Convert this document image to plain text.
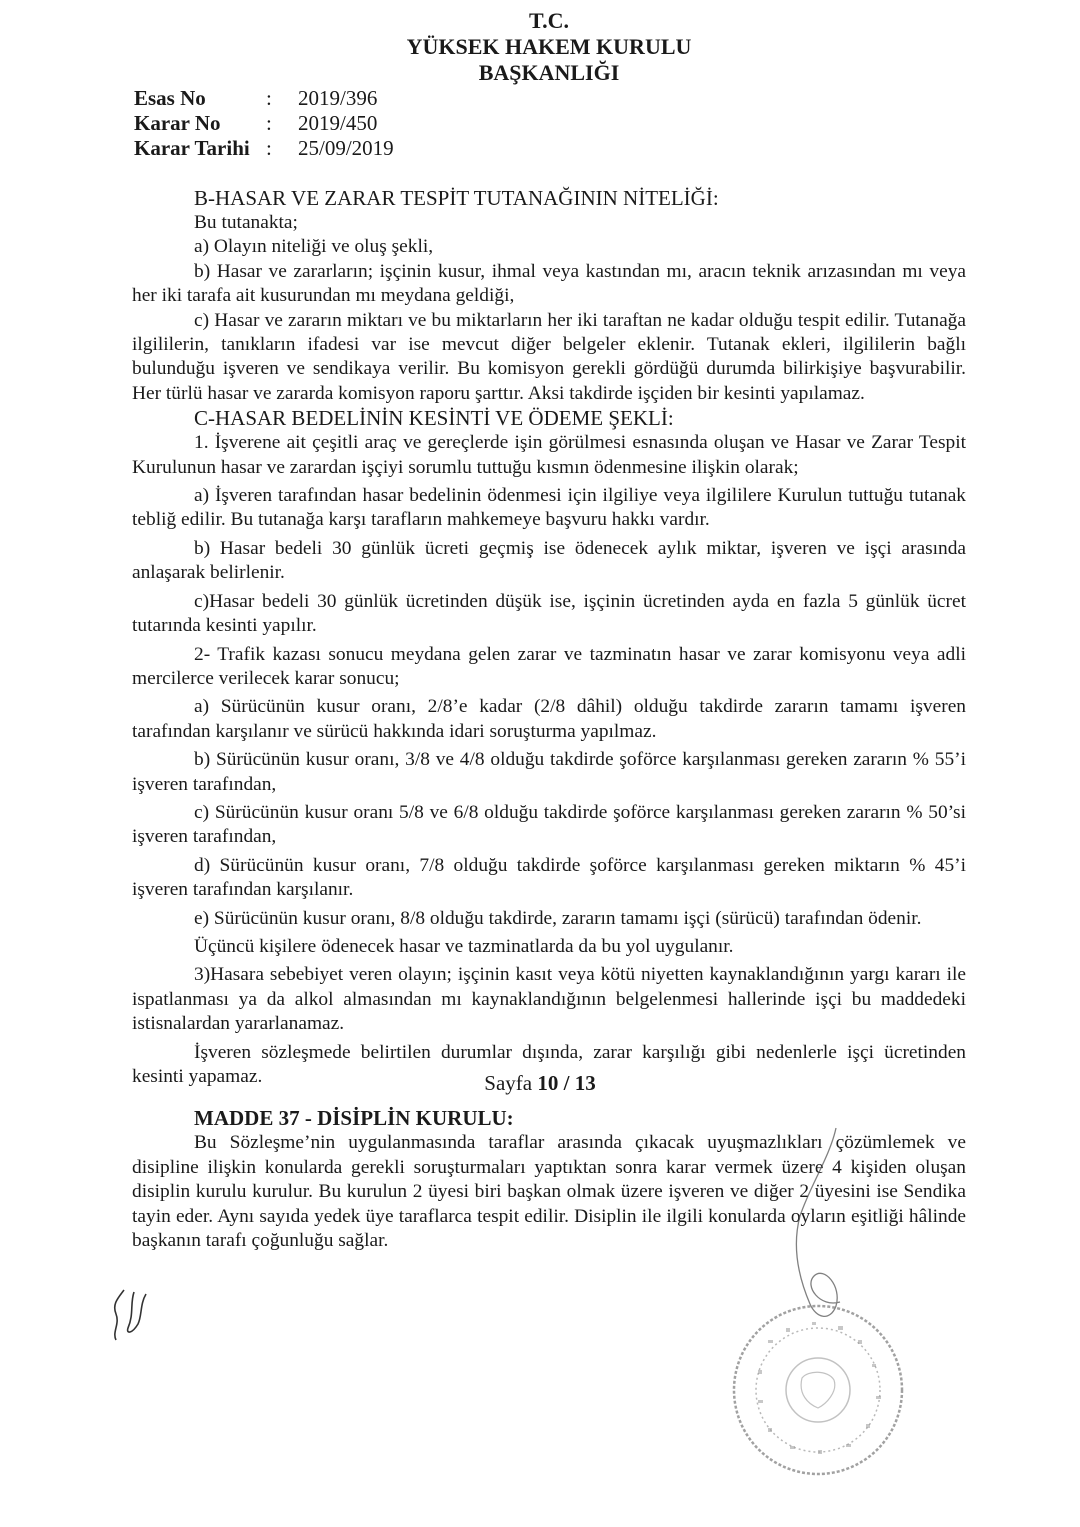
T.C.
YÜKSEK HAKEM KURULU
BAŞKANLIĞI
Esas No	:	2019/396
Karar No	:	2019/450
Karar Tarihi	:	25/09/2019

B-HASAR VE ZARAR TESPİT TUTANAĞININ NİTELİĞİ:

Bu tutanakta;

a) Olayın niteliği ve oluş şekli,

b) Hasar ve zararların; işçinin kusur, ihmal veya kastından mı, aracın teknik arızasından mı veya her iki tarafa ait kusurundan mı meydana geldiği,

c) Hasar ve zararın miktarı ve bu miktarların her iki taraftan ne kadar olduğu tespit edilir. Tutanağa ilgililerin, tanıkların ifadesi var ise mevcut diğer belgeler eklenir. Tutanak ekleri, ilgililerin bağlı bulunduğu işveren ve sendikaya verilir. Bu komisyon gerekli gördüğü durumda bilirkişiye başvurabilir. Her türlü hasar ve zararda komisyon raporu şarttır. Aksi takdirde işçiden bir kesinti yapılamaz.

C-HASAR BEDELİNİN KESİNTİ VE ÖDEME ŞEKLİ:

1. İşverene ait çeşitli araç ve gereçlerde işin görülmesi esnasında oluşan ve Hasar ve Zarar Tespit Kurulunun hasar ve zarardan işçiyi sorumlu tuttuğu kısmın ödenmesine ilişkin olarak;

a) İşveren tarafından hasar bedelinin ödenmesi için ilgiliye veya ilgililere Kurulun tuttuğu tutanak tebliğ edilir. Bu tutanağa karşı tarafların mahkemeye başvuru hakkı vardır.

b) Hasar bedeli 30 günlük ücreti geçmiş ise ödenecek aylık miktar, işveren ve işçi arasında anlaşarak belirlenir.

c)Hasar bedeli 30 günlük ücretinden düşük ise, işçinin ücretinden ayda en fazla 5 günlük ücret tutarında kesinti yapılır.

2- Trafik kazası sonucu meydana gelen zarar ve tazminatın hasar ve zarar komisyonu veya adli mercilerce verilecek karar sonucu;

a) Sürücünün kusur oranı, 2/8’e kadar (2/8 dâhil) olduğu takdirde zararın tamamı işveren tarafından karşılanır ve sürücü hakkında idari soruşturma yapılmaz.

b) Sürücünün kusur oranı, 3/8 ve 4/8 olduğu takdirde şoförce karşılanması gereken zararın % 55’i işveren tarafından,

c) Sürücünün kusur oranı 5/8 ve 6/8 olduğu takdirde şoförce karşılanması gereken zararın % 50’si işveren tarafından,

d) Sürücünün kusur oranı, 7/8 olduğu takdirde şoförce karşılanması gereken miktarın % 45’i işveren tarafından karşılanır.

e) Sürücünün kusur oranı, 8/8 olduğu takdirde, zararın tamamı işçi (sürücü) tarafından ödenir.

Üçüncü kişilere ödenecek hasar ve tazminatlarda da bu yol uygulanır.

3)Hasara sebebiyet veren olayın; işçinin kasıt veya kötü niyetten kaynaklandığının yargı kararı ile ispatlanması ya da alkol almasından mı kaynaklandığının belgelenmesi hallerinde işçi bu maddedeki istisnalardan yararlanamaz.

İşveren sözleşmede belirtilen durumlar dışında, zarar karşılığı gibi nedenlerle işçi ücretinden kesinti yapamaz.

MADDE 37 - DİSİPLİN KURULU:

Bu Sözleşme’nin uygulanmasında taraflar arasında çıkacak uyuşmazlıkları çözümlemek ve disipline ilişkin konularda gerekli soruşturmaları yaptıktan sonra karar vermek üzere 4 kişiden oluşan disiplin kurulu kurulur. Bu kurulun 2 üyesi biri başkan olmak üzere işveren ve diğer 2 üyesini ise Sendika tayin eder. Aynı sayıda yedek üye taraflarca tespit edilir. Disiplin ile ilgili konularda oyların eşitliği hâlinde başkanın tarafı çoğunluğu sağlar.

Sayfa 10 / 13
